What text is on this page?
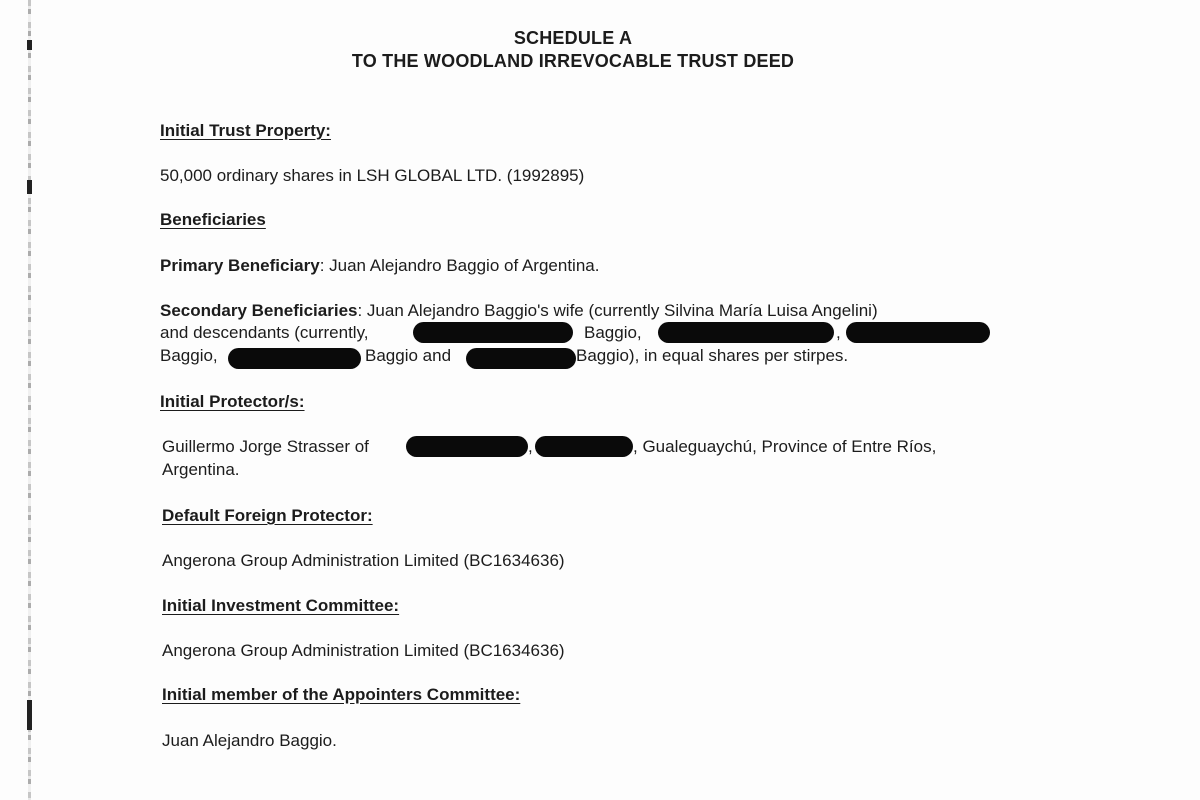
SCHEDULE A
TO THE WOODLAND IRREVOCABLE TRUST DEED
Initial Trust Property:
50,000 ordinary shares in LSH GLOBAL LTD. (1992895)
Beneficiaries
Primary Beneficiary: Juan Alejandro Baggio of Argentina.
Secondary Beneficiaries: Juan Alejandro Baggio's wife (currently Silvina María Luisa Angelini)
and descendants (currently,	Baggio,	,
Baggio,	Baggio and	Baggio), in equal shares per stirpes.
Initial Protector/s:
Guillermo Jorge Strasser of	,	, Gualeguaychú, Province of Entre Ríos,
Argentina.
Default Foreign Protector:
Angerona Group Administration Limited (BC1634636)
Initial Investment Committee:
Angerona Group Administration Limited (BC1634636)
Initial member of the Appointers Committee:
Juan Alejandro Baggio.
